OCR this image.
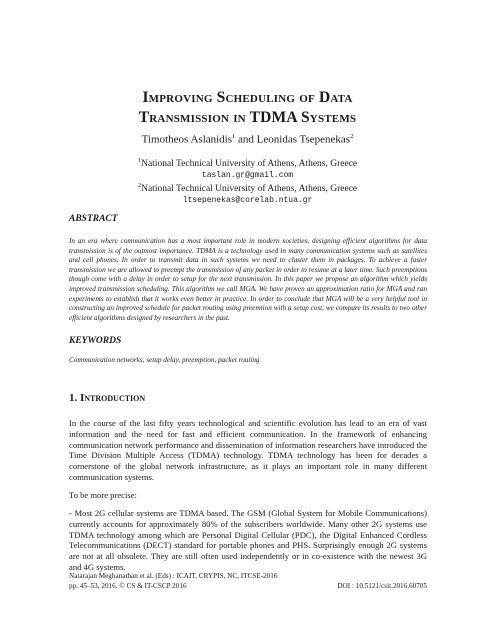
Improving Scheduling of Data
Transmission in TDMA Systems
Timotheos Aslanidis$^1$ and Leonidas Tsepenekas$^2$
$^1$National Technical University of Athens, Athens, Greece
taslan.gr@gmail.com
$^2$National Technical University of Athens, Athens, Greece
ltsepenekas@corelab.ntua.gr
ABSTRACT
In an era where communication has a most important role in modern societies, designing efficient algorithms for data transmission is of the outmost importance. TDMA is a technology used in many communication systems such as satellites and cell phones. In order to transmit data in such systems we need to cluster them in packages. To achieve a faster transmission we are allowed to preempt the transmission of any packet in order to resume at a later time. Such preemptions though come with a delay in order to setup for the next transmission. In this paper we propose an algorithm which yields improved transmission scheduling. This algorithm we call MGA. We have proven an approximation ratio for MGA and ran experiments to establish that it works even better in practice. In order to conclude that MGA will be a very helpful tool in constructing an improved schedule for packet routing using preemtion with a setup cost, we compare its results to two other efficient algorithms designed by researchers in the past.
KEYWORDS
Communication networks, setup delay, preemption, packet routing
1. Introduction
In the course of the last fifty years technological and scientific evolution has lead to an era of vast information and the need for fast and efficient communication. In the framework of enhancing communication network performance and dissemination of information researchers have introduced the Time Division Multiple Access (TDMA) technology. TDMA technology has been for decades a cornerstone of the global network infrastructure, as it plays an important role in many different communication systems.
To be more precise:
- Most 2G cellular systems are TDMA based. The GSM (Global System for Mobile Communications) currently accounts for approximately 80% of the subscribers worldwide. Many other 2G systems use TDMA technology among which are Personal Digital Cellular (PDC), the Digital Enhanced Cordless Telecommunications (DECT) standard for portable phones and PHS. Surprisingly enough 2G systems are not at all obsolete. They are still often used independently or in co-existence with the newest 3G and 4G systems.
Natarajan Meghanathan et al. (Eds) : ICAIT, CRYPIS, NC, ITCSE-2016
pp. 45–53, 2016. © CS & IT-CSCP 2016	DOI : 10.5121/csit.2016.60705
